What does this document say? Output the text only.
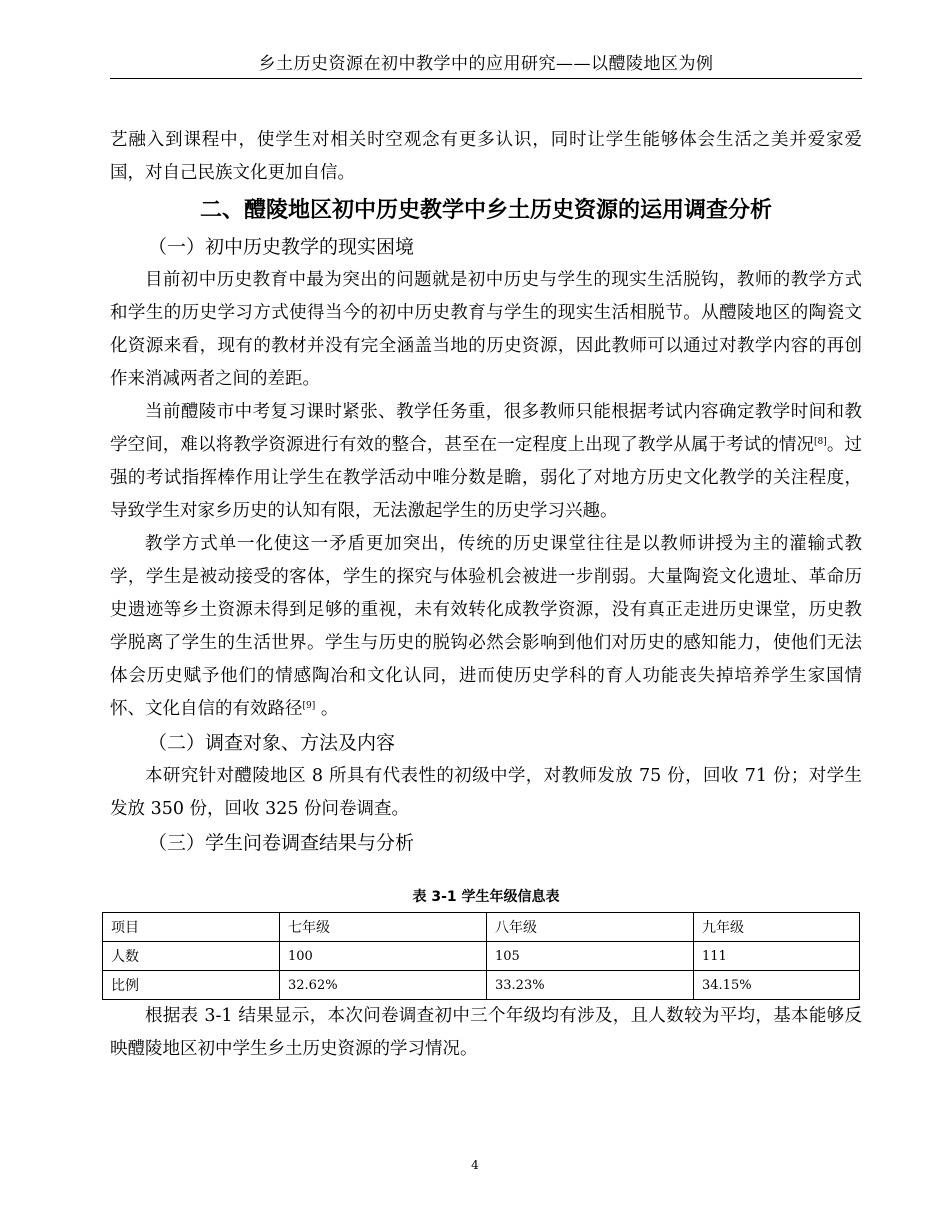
乡土历史资源在初中教学中的应用研究——以醴陵地区为例

艺融入到课程中，使学生对相关时空观念有更多认识，同时让学生能够体会生活之美并爱家爱国，对自己民族文化更加自信。

二、醴陵地区初中历史教学中乡土历史资源的运用调查分析
（一）初中历史教学的现实困境

目前初中历史教育中最为突出的问题就是初中历史与学生的现实生活脱钩，教师的教学方式和学生的历史学习方式使得当今的初中历史教育与学生的现实生活相脱节。从醴陵地区的陶瓷文化资源来看，现有的教材并没有完全涵盖当地的历史资源，因此教师可以通过对教学内容的再创作来消减两者之间的差距。

当前醴陵市中考复习课时紧张、教学任务重，很多教师只能根据考试内容确定教学时间和教学空间，难以将教学资源进行有效的整合，甚至在一定程度上出现了教学从属于考试的情况[8]。过强的考试指挥棒作用让学生在教学活动中唯分数是瞻，弱化了对地方历史文化教学的关注程度，导致学生对家乡历史的认知有限，无法激起学生的历史学习兴趣。

教学方式单一化使这一矛盾更加突出，传统的历史课堂往往是以教师讲授为主的灌输式教学，学生是被动接受的客体，学生的探究与体验机会被进一步削弱。大量陶瓷文化遗址、革命历史遗迹等乡土资源未得到足够的重视，未有效转化成教学资源，没有真正走进历史课堂，历史教学脱离了学生的生活世界。学生与历史的脱钩必然会影响到他们对历史的感知能力，使他们无法体会历史赋予他们的情感陶冶和文化认同，进而使历史学科的育人功能丧失掉培养学生家国情怀、文化自信的有效路径[9] 。

（二）调查对象、方法及内容

本研究针对醴陵地区 8 所具有代表性的初级中学，对教师发放 75 份，回收 71 份；对学生发放 350 份，回收 325 份问卷调查。

（三）学生问卷调查结果与分析
表 3-1 学生年级信息表
项目	七年级	八年级	九年级
人数	100	105	111
比例	32.62%	33.23%	34.15%

根据表 3-1 结果显示，本次问卷调查初中三个年级均有涉及，且人数较为平均，基本能够反映醴陵地区初中学生乡土历史资源的学习情况。

4
